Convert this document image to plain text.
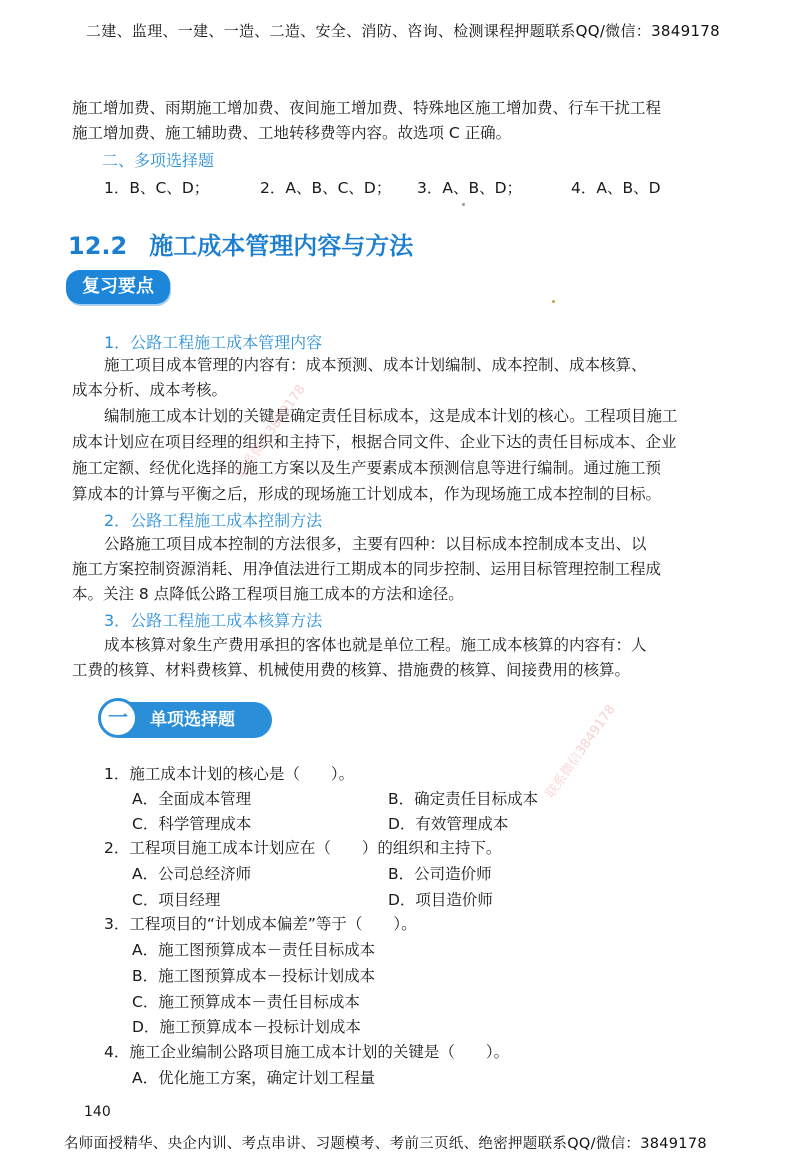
二建、监理、一建、一造、二造、安全、消防、咨询、检测课程押题联系QQ/微信：3849178
施工增加费、雨期施工增加费、夜间施工增加费、特殊地区施工增加费、行车干扰工程
施工增加费、施工辅助费、工地转移费等内容。故选项 C 正确。
二、多项选择题
1．B、C、D；	2．A、B、C、D； 3．A、B、D；	4．A、B、D
12.2 施工成本管理内容与方法
复习要点
1．公路工程施工成本管理内容
施工项目成本管理的内容有：成本预测、成本计划编制、成本控制、成本核算、
成本分析、成本考核。
编制施工成本计划的关键是确定责任目标成本，这是成本计划的核心。工程项目施工
成本计划应在项目经理的组织和主持下，根据合同文件、企业下达的责任目标成本、企业
施工定额、经优化选择的施工方案以及生产要素成本预测信息等进行编制。通过施工预
算成本的计算与平衡之后，形成的现场施工计划成本，作为现场施工成本控制的目标。
2．公路工程施工成本控制方法
公路施工项目成本控制的方法很多，主要有四种：以目标成本控制成本支出、以
施工方案控制资源消耗、用净值法进行工期成本的同步控制、运用目标管理控制工程成
本。关注 8 点降低公路工程项目施工成本的方法和途径。
3．公路工程施工成本核算方法
成本核算对象生产费用承担的客体也就是单位工程。施工成本核算的内容有：人
工费的核算、材料费核算、机械使用费的核算、措施费的核算、间接费用的核算。
一	单项选择题
1．施工成本计划的核心是（　　）。
A．全面成本管理	B．确定责任目标成本
C．科学管理成本	D．有效管理成本
2．工程项目施工成本计划应在（　　）的组织和主持下。
A．公司总经济师	B．公司造价师
C．项目经理	D．项目造价师
3．工程项目的“计划成本偏差”等于（　　）。
A．施工图预算成本－责任目标成本
B．施工图预算成本－投标计划成本
C．施工预算成本－责任目标成本
D．施工预算成本－投标计划成本
4．施工企业编制公路项目施工成本计划的关键是（　　）。
A．优化施工方案，确定计划工程量
140
名师面授精华、央企内训、考点串讲、习题模考、考前三页纸、绝密押题联系QQ/微信：3849178
联系微信3849178
联系微信3849178
